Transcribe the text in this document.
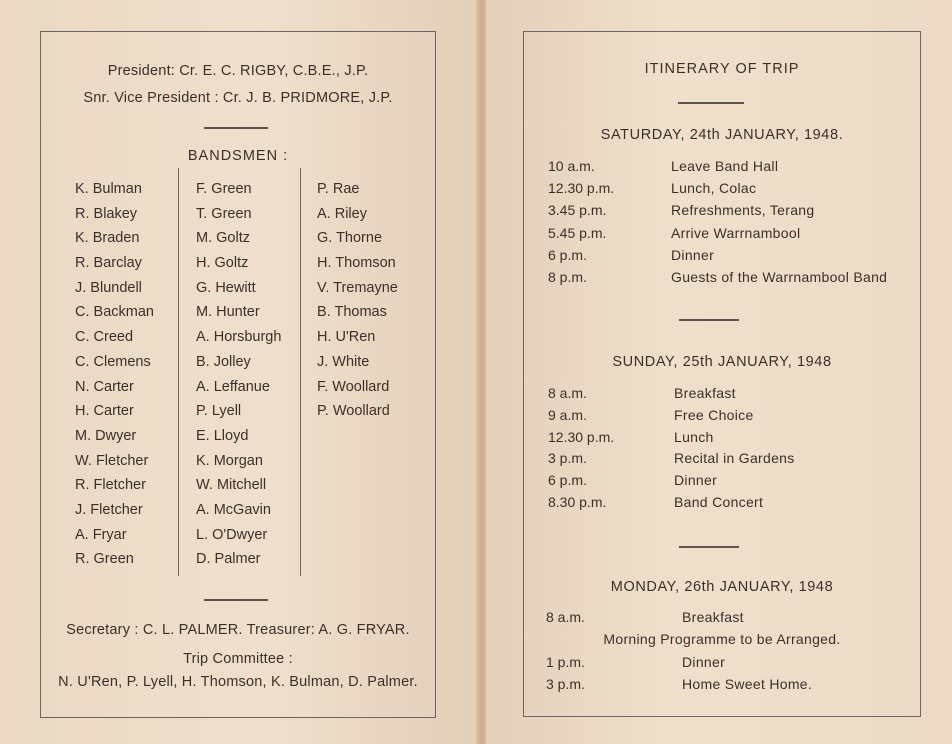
President: Cr. E. C. RIGBY, C.B.E., J.P.
Snr. Vice President : Cr. J. B. PRIDMORE, J.P.
BANDSMEN :
K. Bulman
R. Blakey
K. Braden
R. Barclay
J. Blundell
C. Backman
C. Creed
C. Clemens
N. Carter
H. Carter
M. Dwyer
W. Fletcher
R. Fletcher
J. Fletcher
A. Fryar
R. Green
F. Green
T. Green
M. Goltz
H. Goltz
G. Hewitt
M. Hunter
A. Horsburgh
B. Jolley
A. Leffanue
P. Lyell
E. Lloyd
K. Morgan
W. Mitchell
A. McGavin
L. O'Dwyer
D. Palmer
P. Rae
A. Riley
G. Thorne
H. Thomson
V. Tremayne
B. Thomas
H. U'Ren
J. White
F. Woollard
P. Woollard
Secretary : C. L. PALMER. Treasurer: A. G. FRYAR.
Trip Committee :
N. U'Ren, P. Lyell, H. Thomson, K. Bulman, D. Palmer.
ITINERARY OF TRIP
SATURDAY, 24th JANUARY, 1948.
10 a.m.	Leave Band Hall
12.30 p.m.	Lunch, Colac
3.45 p.m.	Refreshments, Terang
5.45 p.m.	Arrive Warrnambool
6 p.m.	Dinner
8 p.m.	Guests of the Warrnambool Band
SUNDAY, 25th JANUARY, 1948
8 a.m.	Breakfast
9 a.m.	Free Choice
12.30 p.m.	Lunch
3 p.m.	Recital in Gardens
6 p.m.	Dinner
8.30 p.m.	Band Concert
MONDAY, 26th JANUARY, 1948
8 a.m.	Breakfast
Morning Programme to be Arranged.
1 p.m.	Dinner
3 p.m.	Home Sweet Home.
